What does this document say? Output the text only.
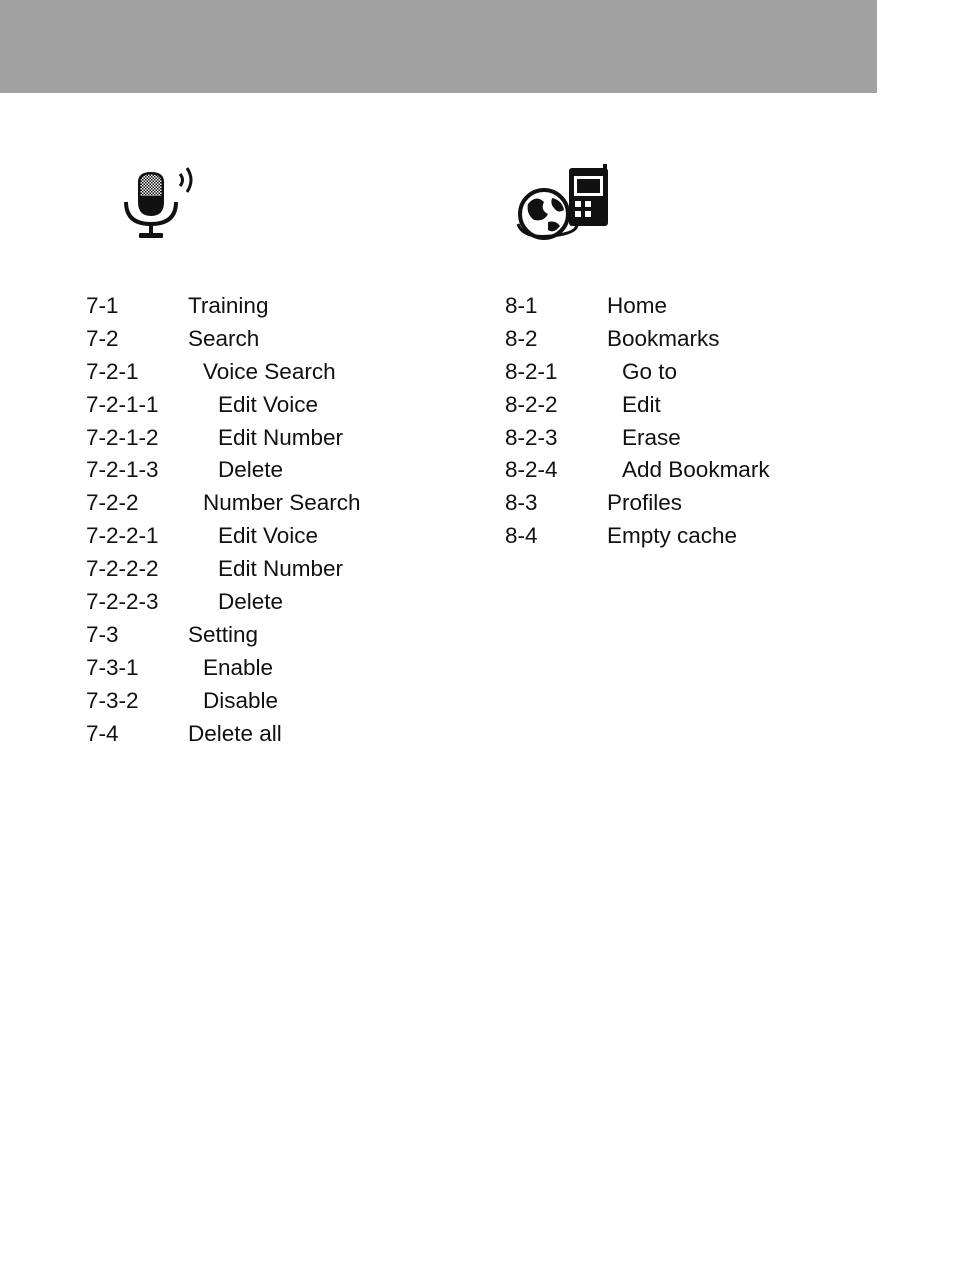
7-1	Training
7-2	Search
7-2-1	Voice Search
7-2-1-1	Edit Voice
7-2-1-2	Edit Number
7-2-1-3	Delete
7-2-2	Number Search
7-2-2-1	Edit Voice
7-2-2-2	Edit Number
7-2-2-3	Delete
7-3	Setting
7-3-1	Enable
7-3-2	Disable
7-4	Delete all
8-1	Home
8-2	Bookmarks
8-2-1	Go to
8-2-2	Edit
8-2-3	Erase
8-2-4	Add Bookmark
8-3	Profiles
8-4	Empty cache
